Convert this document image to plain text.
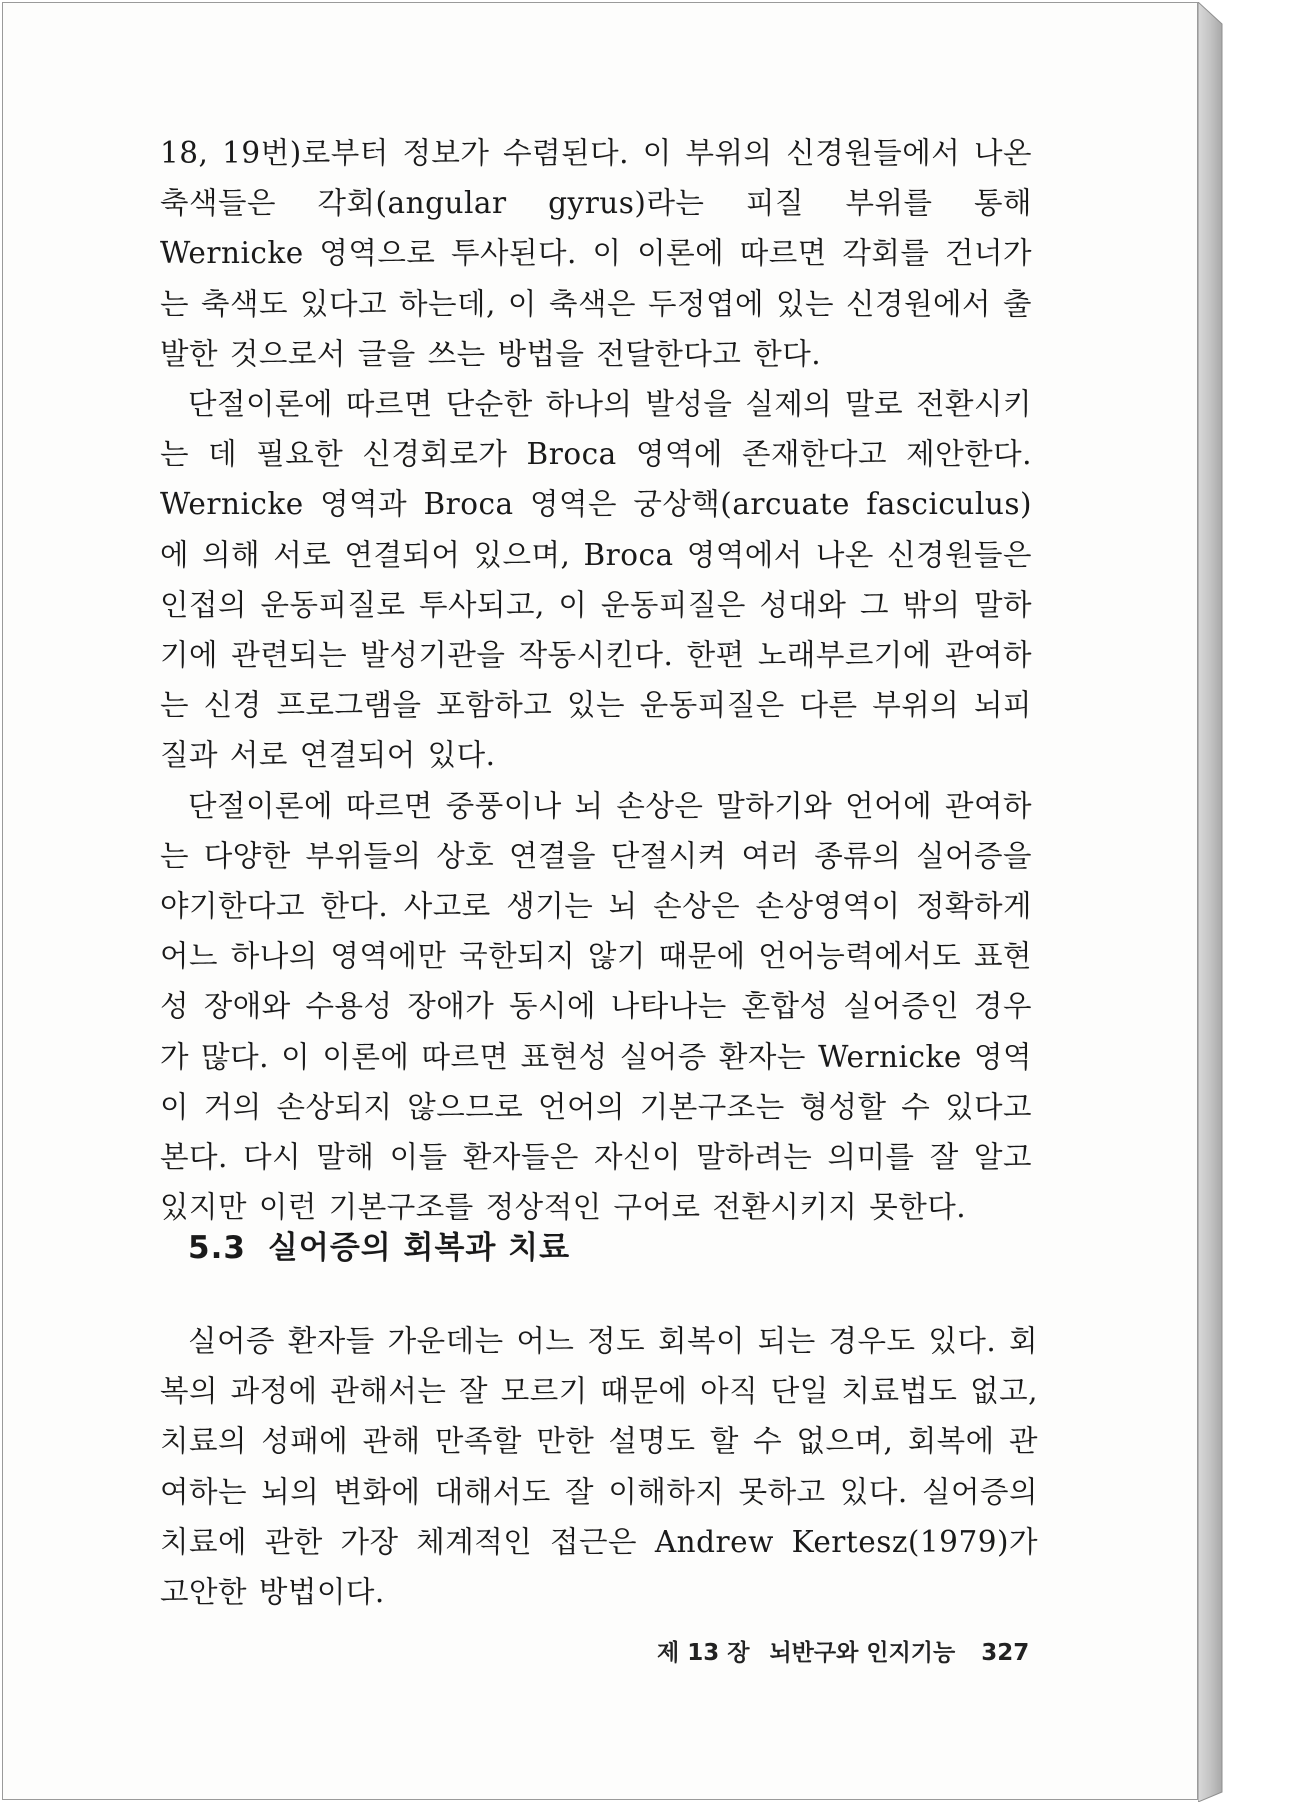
18, 19번)로부터 정보가 수렴된다. 이 부위의 신경원들에서 나온 축색들은 각회(angular gyrus)라는 피질 부위를 통해 Wernicke 영역으로 투사된다. 이 이론에 따르면 각회를 건너가는 축색도 있다고 하는데, 이 축색은 두정엽에 있는 신경원에서 출발한 것으로서 글을 쓰는 방법을 전달한다고 한다.

단절이론에 따르면 단순한 하나의 발성을 실제의 말로 전환시키는 데 필요한 신경회로가 Broca 영역에 존재한다고 제안한다. Wernicke 영역과 Broca 영역은 궁상핵(arcuate fasciculus)에 의해 서로 연결되어 있으며, Broca 영역에서 나온 신경원들은 인접의 운동피질로 투사되고, 이 운동피질은 성대와 그 밖의 말하기에 관련되는 발성기관을 작동시킨다. 한편 노래부르기에 관여하는 신경 프로그램을 포함하고 있는 운동피질은 다른 부위의 뇌피질과 서로 연결되어 있다.

단절이론에 따르면 중풍이나 뇌 손상은 말하기와 언어에 관여하는 다양한 부위들의 상호 연결을 단절시켜 여러 종류의 실어증을 야기한다고 한다. 사고로 생기는 뇌 손상은 손상영역이 정확하게 어느 하나의 영역에만 국한되지 않기 때문에 언어능력에서도 표현성 장애와 수용성 장애가 동시에 나타나는 혼합성 실어증인 경우가 많다. 이 이론에 따르면 표현성 실어증 환자는 Wernicke 영역이 거의 손상되지 않으므로 언어의 기본구조는 형성할 수 있다고 본다. 다시 말해 이들 환자들은 자신이 말하려는 의미를 잘 알고 있지만 이런 기본구조를 정상적인 구어로 전환시키지 못한다.

5.3 실어증의 회복과 치료

실어증 환자들 가운데는 어느 정도 회복이 되는 경우도 있다. 회복의 과정에 관해서는 잘 모르기 때문에 아직 단일 치료법도 없고, 치료의 성패에 관해 만족할 만한 설명도 할 수 없으며, 회복에 관여하는 뇌의 변화에 대해서도 잘 이해하지 못하고 있다. 실어증의 치료에 관한 가장 체계적인 접근은 Andrew Kertesz(1979)가 고안한 방법이다.

제 13 장 뇌반구와 인지기능 327
